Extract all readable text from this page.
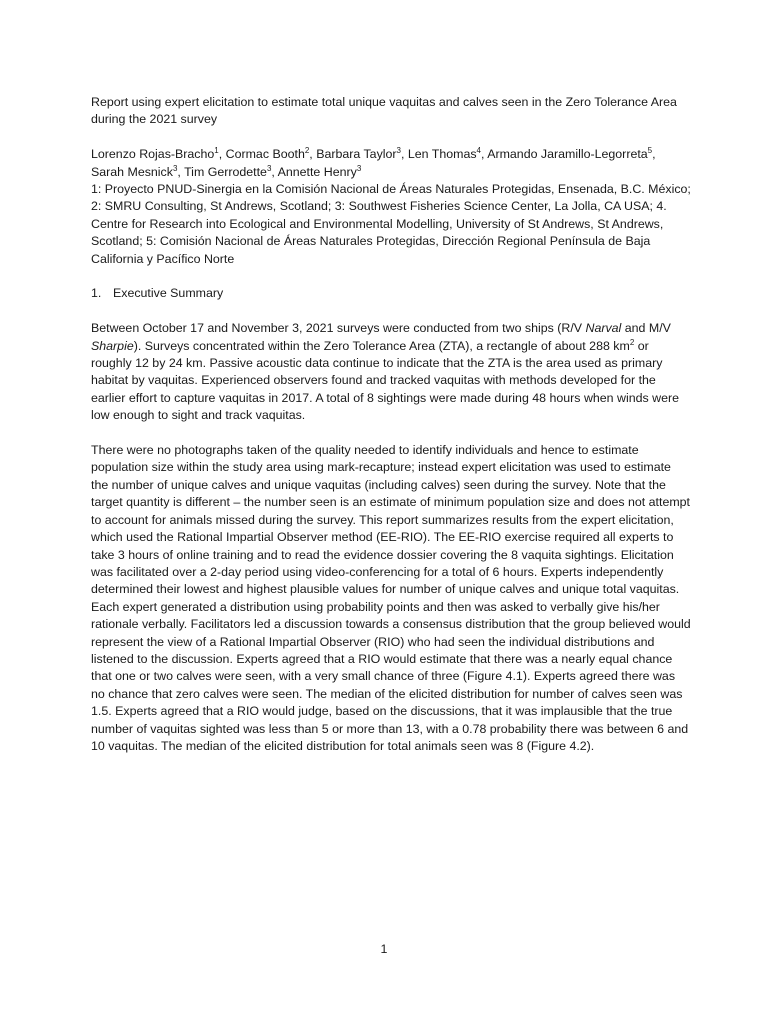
Report using expert elicitation to estimate total unique vaquitas and calves seen in the Zero Tolerance Area during the 2021 survey

Lorenzo Rojas-Bracho$^1$, Cormac Booth$^2$, Barbara Taylor$^3$, Len Thomas$^4$, Armando Jaramillo-Legorreta$^5$, Sarah Mesnick$^3$, Tim Gerrodette$^3$, Annette Henry$^3$

1: Proyecto PNUD-Sinergia en la Comisión Nacional de Áreas Naturales Protegidas, Ensenada, B.C. México; 2: SMRU Consulting, St Andrews, Scotland; 3: Southwest Fisheries Science Center, La Jolla, CA USA; 4. Centre for Research into Ecological and Environmental Modelling, University of St Andrews, St Andrews, Scotland; 5: Comisión Nacional de Áreas Naturales Protegidas, Dirección Regional Península de Baja California y Pacífico Norte

1. Executive Summary

Between October 17 and November 3, 2021 surveys were conducted from two ships (R/V Narval and M/V Sharpie). Surveys concentrated within the Zero Tolerance Area (ZTA), a rectangle of about 288 $km^2$ or roughly 12 by 24 km. Passive acoustic data continue to indicate that the ZTA is the area used as primary habitat by vaquitas. Experienced observers found and tracked vaquitas with methods developed for the earlier effort to capture vaquitas in 2017. A total of 8 sightings were made during 48 hours when winds were low enough to sight and track vaquitas.

There were no photographs taken of the quality needed to identify individuals and hence to estimate population size within the study area using mark-recapture; instead expert elicitation was used to estimate the number of unique calves and unique vaquitas (including calves) seen during the survey. Note that the target quantity is different – the number seen is an estimate of minimum population size and does not attempt to account for animals missed during the survey. This report summarizes results from the expert elicitation, which used the Rational Impartial Observer method (EE-RIO). The EE-RIO exercise required all experts to take 3 hours of online training and to read the evidence dossier covering the 8 vaquita sightings. Elicitation was facilitated over a 2-day period using video-conferencing for a total of 6 hours. Experts independently determined their lowest and highest plausible values for number of unique calves and unique total vaquitas. Each expert generated a distribution using probability points and then was asked to verbally give his/her rationale verbally. Facilitators led a discussion towards a consensus distribution that the group believed would represent the view of a Rational Impartial Observer (RIO) who had seen the individual distributions and listened to the discussion. Experts agreed that a RIO would estimate that there was a nearly equal chance that one or two calves were seen, with a very small chance of three (Figure 4.1). Experts agreed there was no chance that zero calves were seen. The median of the elicited distribution for number of calves seen was 1.5. Experts agreed that a RIO would judge, based on the discussions, that it was implausible that the true number of vaquitas sighted was less than 5 or more than 13, with a 0.78 probability there was between 6 and 10 vaquitas. The median of the elicited distribution for total animals seen was 8 (Figure 4.2).

1
